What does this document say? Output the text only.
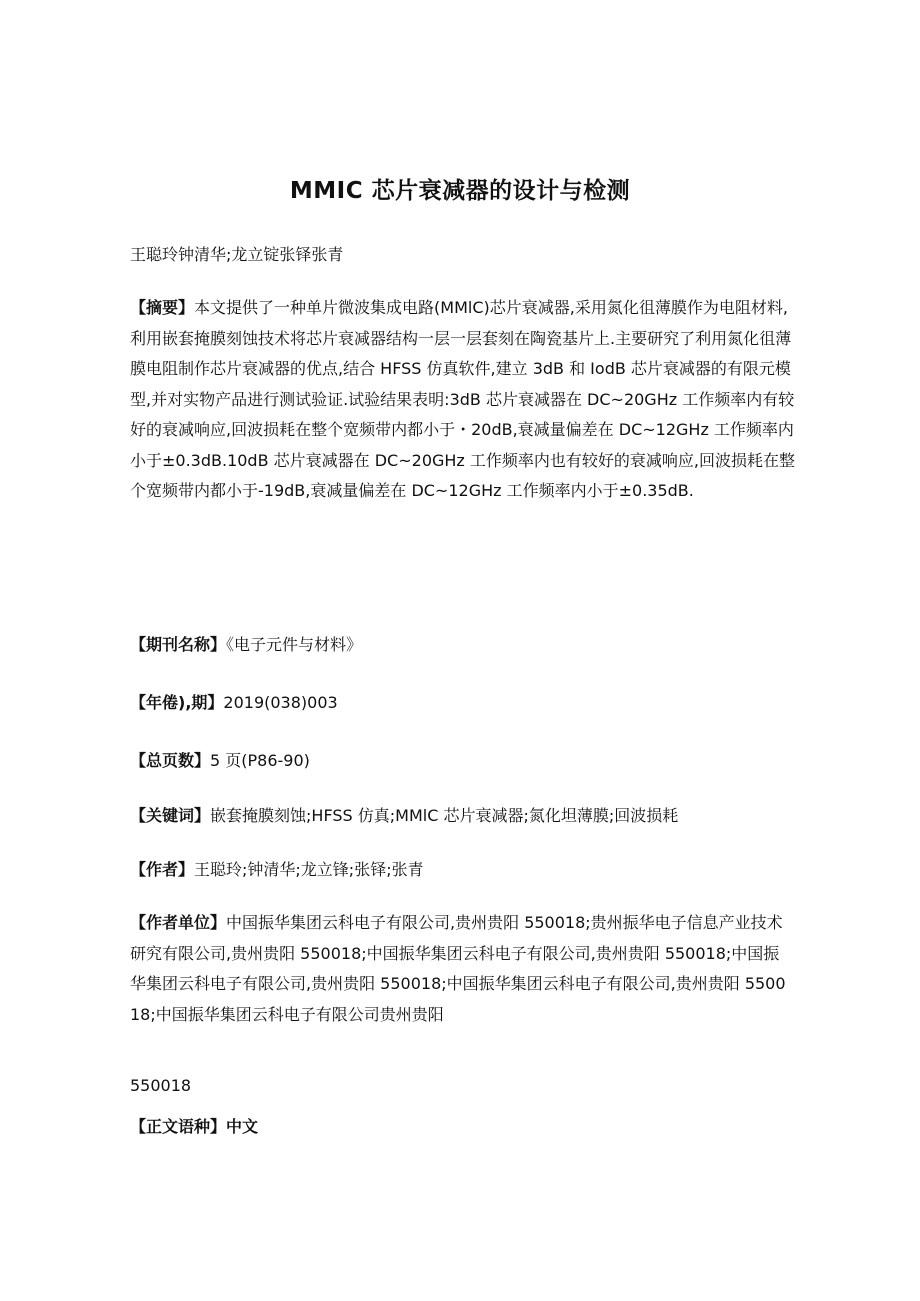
MMIC 芯片衰减器的设计与检测

王聪玲钟清华;龙立锭张铎张青

【摘要】本文提供了一种单片微波集成电路(MMlC)芯片衰减器,采用氮化徂薄膜作为电阻材料,利用嵌套掩膜刻蚀技术将芯片衰减器结构一层一层套刻在陶瓷基片上.主要研究了利用氮化徂薄膜电阻制作芯片衰减器的优点,结合 HFSS 仿真软件,建立 3dB 和 IodB 芯片衰减器的有限元模型,并对实物产品进行测试验证.试验结果表明:3dB 芯片衰减器在 DC~20GHz 工作频率内有较好的衰减响应,回波损耗在整个宽频带内都小于・20dB,衰减量偏差在 DC~12GHz 工作频率内小于±0.3dB.10dB 芯片衰减器在 DC~20GHz 工作频率内也有较好的衰减响应,回波损耗在整个宽频带内都小于-19dB,衰减量偏差在 DC~12GHz 工作频率内小于±0.35dB.

【期刊名称】《电子元件与材料》

【年倦),期】2019(038)003

【总页数】5 页(P86-90)

【关键词】嵌套掩膜刻蚀;HFSS 仿真;MMlC 芯片衰减器;氮化坦薄膜;回波损耗

【作者】王聪玲;钟清华;龙立锋;张铎;张青

【作者单位】中国振华集团云科电子有限公司,贵州贵阳 550018;贵州振华电子信息产业技术研究有限公司,贵州贵阳 550018;中国振华集团云科电子有限公司,贵州贵阳 550018;中国振华集团云科电子有限公司,贵州贵阳 550018;中国振华集团云科电子有限公司,贵州贵阳 550018;中国振华集团云科电子有限公司贵州贵阳

550018

【正文语种】中文
